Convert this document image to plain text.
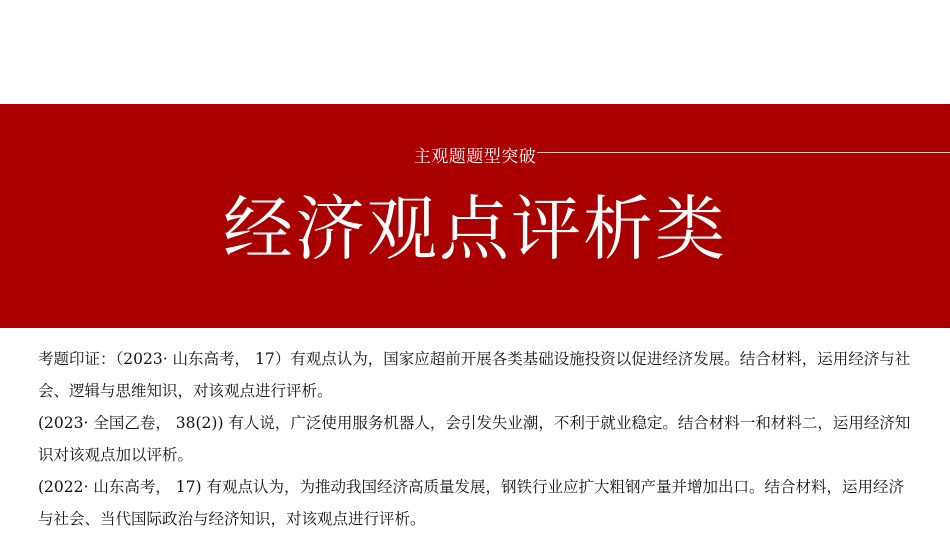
主观题题型突破
经济观点评析类

考题印证：（2023· 山东高考， 17）有观点认为，国家应超前开展各类基础设施投资以促进经济发展。结合材料，运用经济与社会、逻辑与思维知识，对该观点进行评析。

(2023· 全国乙卷， 38(2)) 有人说，广泛使用服务机器人，会引发失业潮，不利于就业稳定。结合材料一和材料二，运用经济知识对该观点加以评析。

(2022· 山东高考， 17) 有观点认为，为推动我国经济高质量发展，钢铁行业应扩大粗钢产量并增加出口。结合材料，运用经济与社会、当代国际政治与经济知识，对该观点进行评析。
